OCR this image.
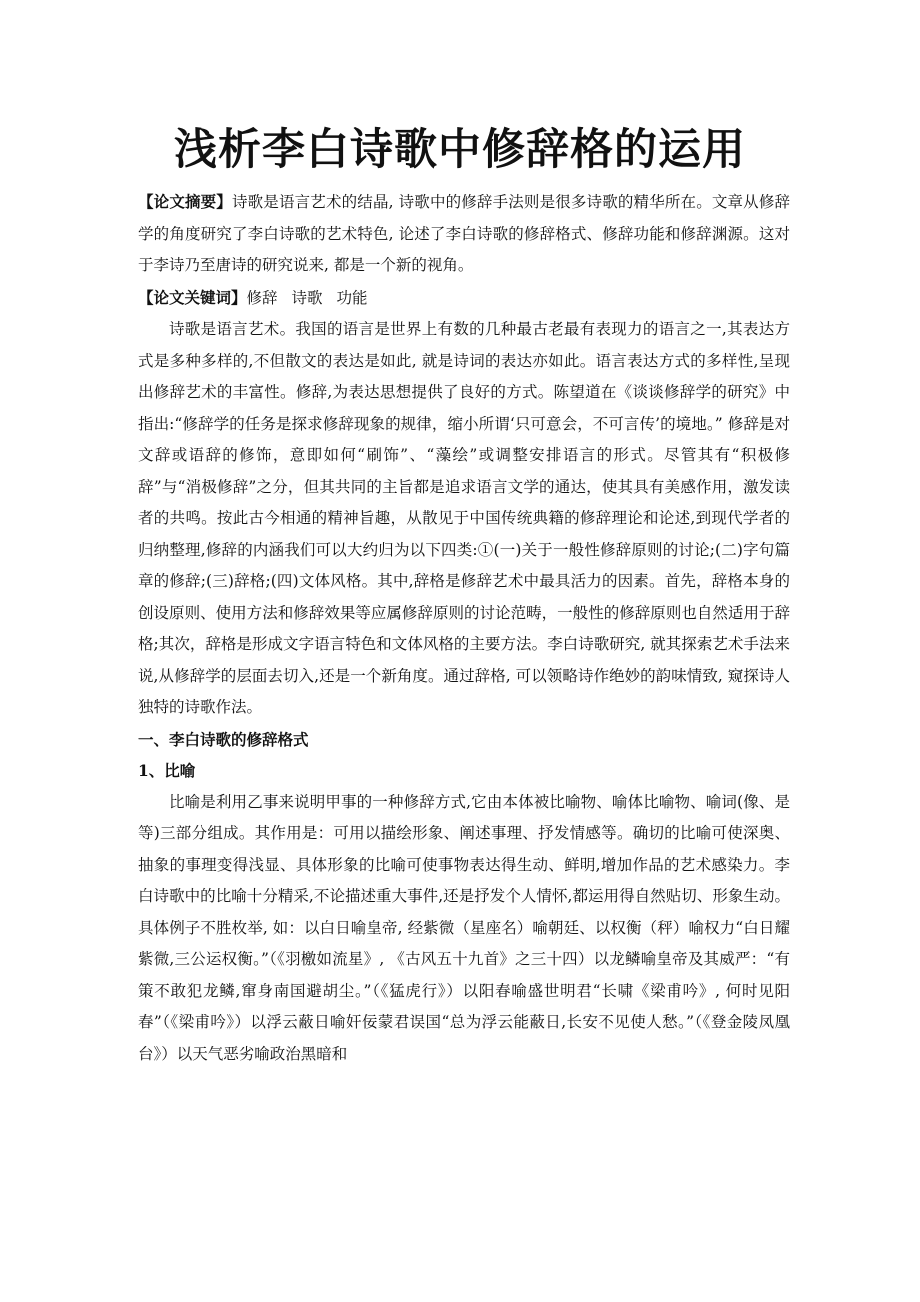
浅析李白诗歌中修辞格的运用

【论文摘要】诗歌是语言艺术的结晶, 诗歌中的修辞手法则是很多诗歌的精华所在。文章从修辞学的角度研究了李白诗歌的艺术特色, 论述了李白诗歌的修辞格式、修辞功能和修辞渊源。这对于李诗乃至唐诗的研究说来, 都是一个新的视角。

【论文关键词】修辞 诗歌 功能

诗歌是语言艺术。我国的语言是世界上有数的几种最古老最有表现力的语言之一,其表达方式是多种多样的,不但散文的表达是如此, 就是诗词的表达亦如此。语言表达方式的多样性,呈现出修辞艺术的丰富性。修辞,为表达思想提供了良好的方式。陈望道在《谈谈修辞学的研究》中指出:“修辞学的任务是探求修辞现象的规律，缩小所谓‘只可意会，不可言传’的境地。” 修辞是对文辞或语辞的修饰，意即如何“刷饰”、“藻绘”或调整安排语言的形式。尽管其有“积极修辞”与“消极修辞”之分，但其共同的主旨都是追求语言文学的通达，使其具有美感作用，激发读者的共鸣。按此古今相通的精神旨趣，从散见于中国传统典籍的修辞理论和论述,到现代学者的归纳整理,修辞的内涵我们可以大约归为以下四类:①(一)关于一般性修辞原则的讨论;(二)字句篇章的修辞;(三)辞格;(四)文体风格。其中,辞格是修辞艺术中最具活力的因素。首先，辞格本身的创设原则、使用方法和修辞效果等应属修辞原则的讨论范畴，一般性的修辞原则也自然适用于辞格;其次，辞格是形成文字语言特色和文体风格的主要方法。李白诗歌研究, 就其探索艺术手法来说,从修辞学的层面去切入,还是一个新角度。通过辞格, 可以领略诗作绝妙的韵味情致, 窥探诗人独特的诗歌作法。

一、李白诗歌的修辞格式

1、比喻

比喻是利用乙事来说明甲事的一种修辞方式,它由本体被比喻物、喻体比喻物、喻词(像、是等)三部分组成。其作用是：可用以描绘形象、阐述事理、抒发情感等。确切的比喻可使深奥、抽象的事理变得浅显、具体形象的比喻可使事物表达得生动、鲜明,增加作品的艺术感染力。李白诗歌中的比喻十分精采,不论描述重大事件,还是抒发个人情怀,都运用得自然贴切、形象生动。具体例子不胜枚举, 如：以白日喻皇帝, 经紫微（星座名）喻朝廷、以权衡（秤）喻权力“白日耀紫微,三公运权衡。”（《羽檄如流星》, 《古风五十九首》之三十四）以龙鳞喻皇帝及其威严：“有策不敢犯龙鳞,窜身南国避胡尘。”（《猛虎行》）以阳春喻盛世明君“长啸《梁甫吟》, 何时见阳春”（《梁甫吟》）以浮云蔽日喻奸佞蒙君误国“总为浮云能蔽日,长安不见使人愁。”（《登金陵凤凰台》）以天气恶劣喻政治黑暗和
